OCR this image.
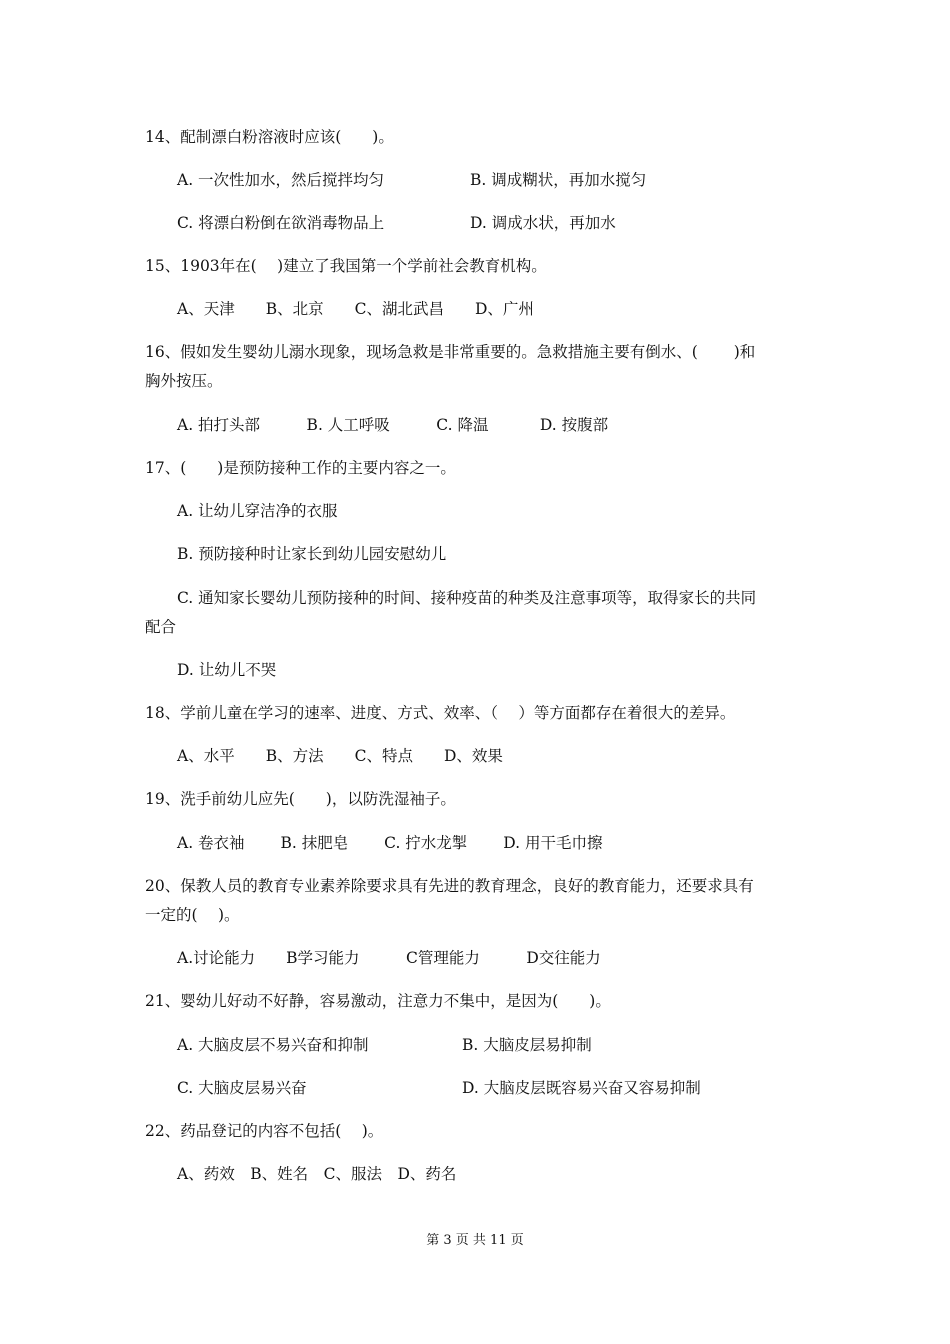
14、配制漂白粉溶液时应该(　　)。
A. 一次性加水，然后搅拌均匀	B. 调成糊状，再加水搅匀
C. 将漂白粉倒在欲消毒物品上	D. 调成水状，再加水
15、1903年在(　 )建立了我国第一个学前社会教育机构。
A、天津　　B、北京　　C、湖北武昌　　D、广州
16、假如发生婴幼儿溺水现象，现场急救是非常重要的。急救措施主要有倒水、(　　 )和
胸外按压。
A. 拍打头部　　　B. 人工呼吸　　　C. 降温　　　 D. 按腹部
17、(　　)是预防接种工作的主要内容之一。
A. 让幼儿穿洁净的衣服
B. 预防接种时让家长到幼儿园安慰幼儿
C. 通知家长婴幼儿预防接种的时间、接种疫苗的种类及注意事项等，取得家长的共同
配合
D. 让幼儿不哭
18、学前儿童在学习的速率、进度、方式、效率、（　 ）等方面都存在着很大的差异。
A、水平　　B、方法　　C、特点　　D、效果
19、洗手前幼儿应先(　　)，以防洗湿袖子。
A. 卷衣袖　　 B. 抹肥皂　　 C. 拧水龙掣　　 D. 用干毛巾擦
20、保教人员的教育专业素养除要求具有先进的教育理念，良好的教育能力，还要求具有
一定的(　 )。
A.讨论能力　　B学习能力　　　C管理能力　　　D交往能力
21、婴幼儿好动不好静，容易激动，注意力不集中，是因为(　　)。
A. 大脑皮层不易兴奋和抑制	B. 大脑皮层易抑制
C. 大脑皮层易兴奋	D. 大脑皮层既容易兴奋又容易抑制
22、药品登记的内容不包括(　 )。
A、药效　B、姓名　C、服法　D、药名
第 3 页 共 11 页
